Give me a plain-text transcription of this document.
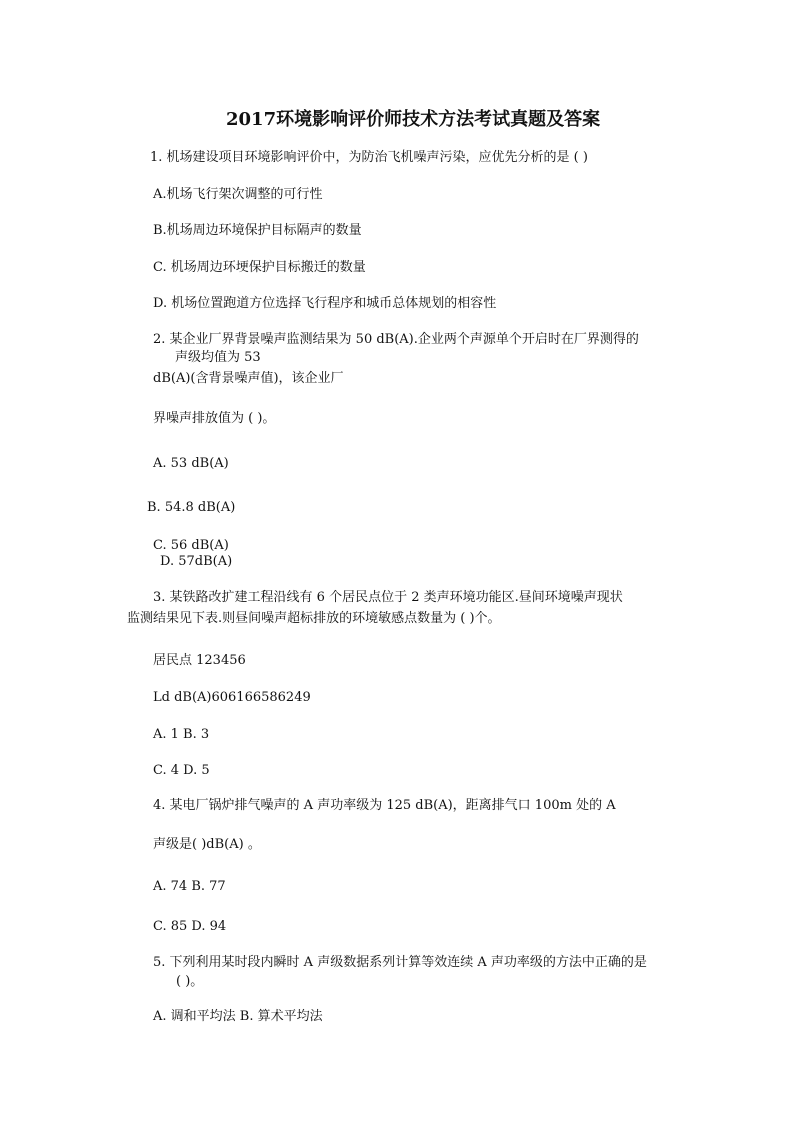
2017环境影响评价师技术方法考试真题及答案
1. 机场建设项目环境影响评价中，为防治飞机噪声污染，应优先分析的是 ( )
A.机场飞行架次调整的可行性
B.机场周边环境保护目标隔声的数量
C. 机场周边环埂保护目标搬迁的数量
D. 机场位置跑道方位选择飞行程序和城币总体规划的相容性
2. 某企业厂界背景噪声监测结果为 50 dB(A).企业两个声源单个开启时在厂界测得的
声级均值为 53
dB(A)(含背景噪声值)，该企业厂
界噪声排放值为 ( )。
A. 53 dB(A)
B. 54.8 dB(A)
C. 56 dB(A)
D. 57dB(A)
3. 某铁路改扩建工程沿线有 6 个居民点位于 2 类声环境功能区.昼间环境噪声现状
监测结果见下表.则昼间噪声超标排放的环境敏感点数量为 ( )个。
居民点 123456
Ld dB(A)606166586249
A. 1 B. 3
C. 4 D. 5
4. 某电厂锅炉排气噪声的 A 声功率级为 125 dB(A)，距离排气口 100m 处的 A
声级是( )dB(A) 。
A. 74 B. 77
C. 85 D. 94
5. 下列利用某时段内瞬时 A 声级数据系列计算等效连续 A 声功率级的方法中正确的是
( )。
A. 调和平均法 B. 算术平均法
